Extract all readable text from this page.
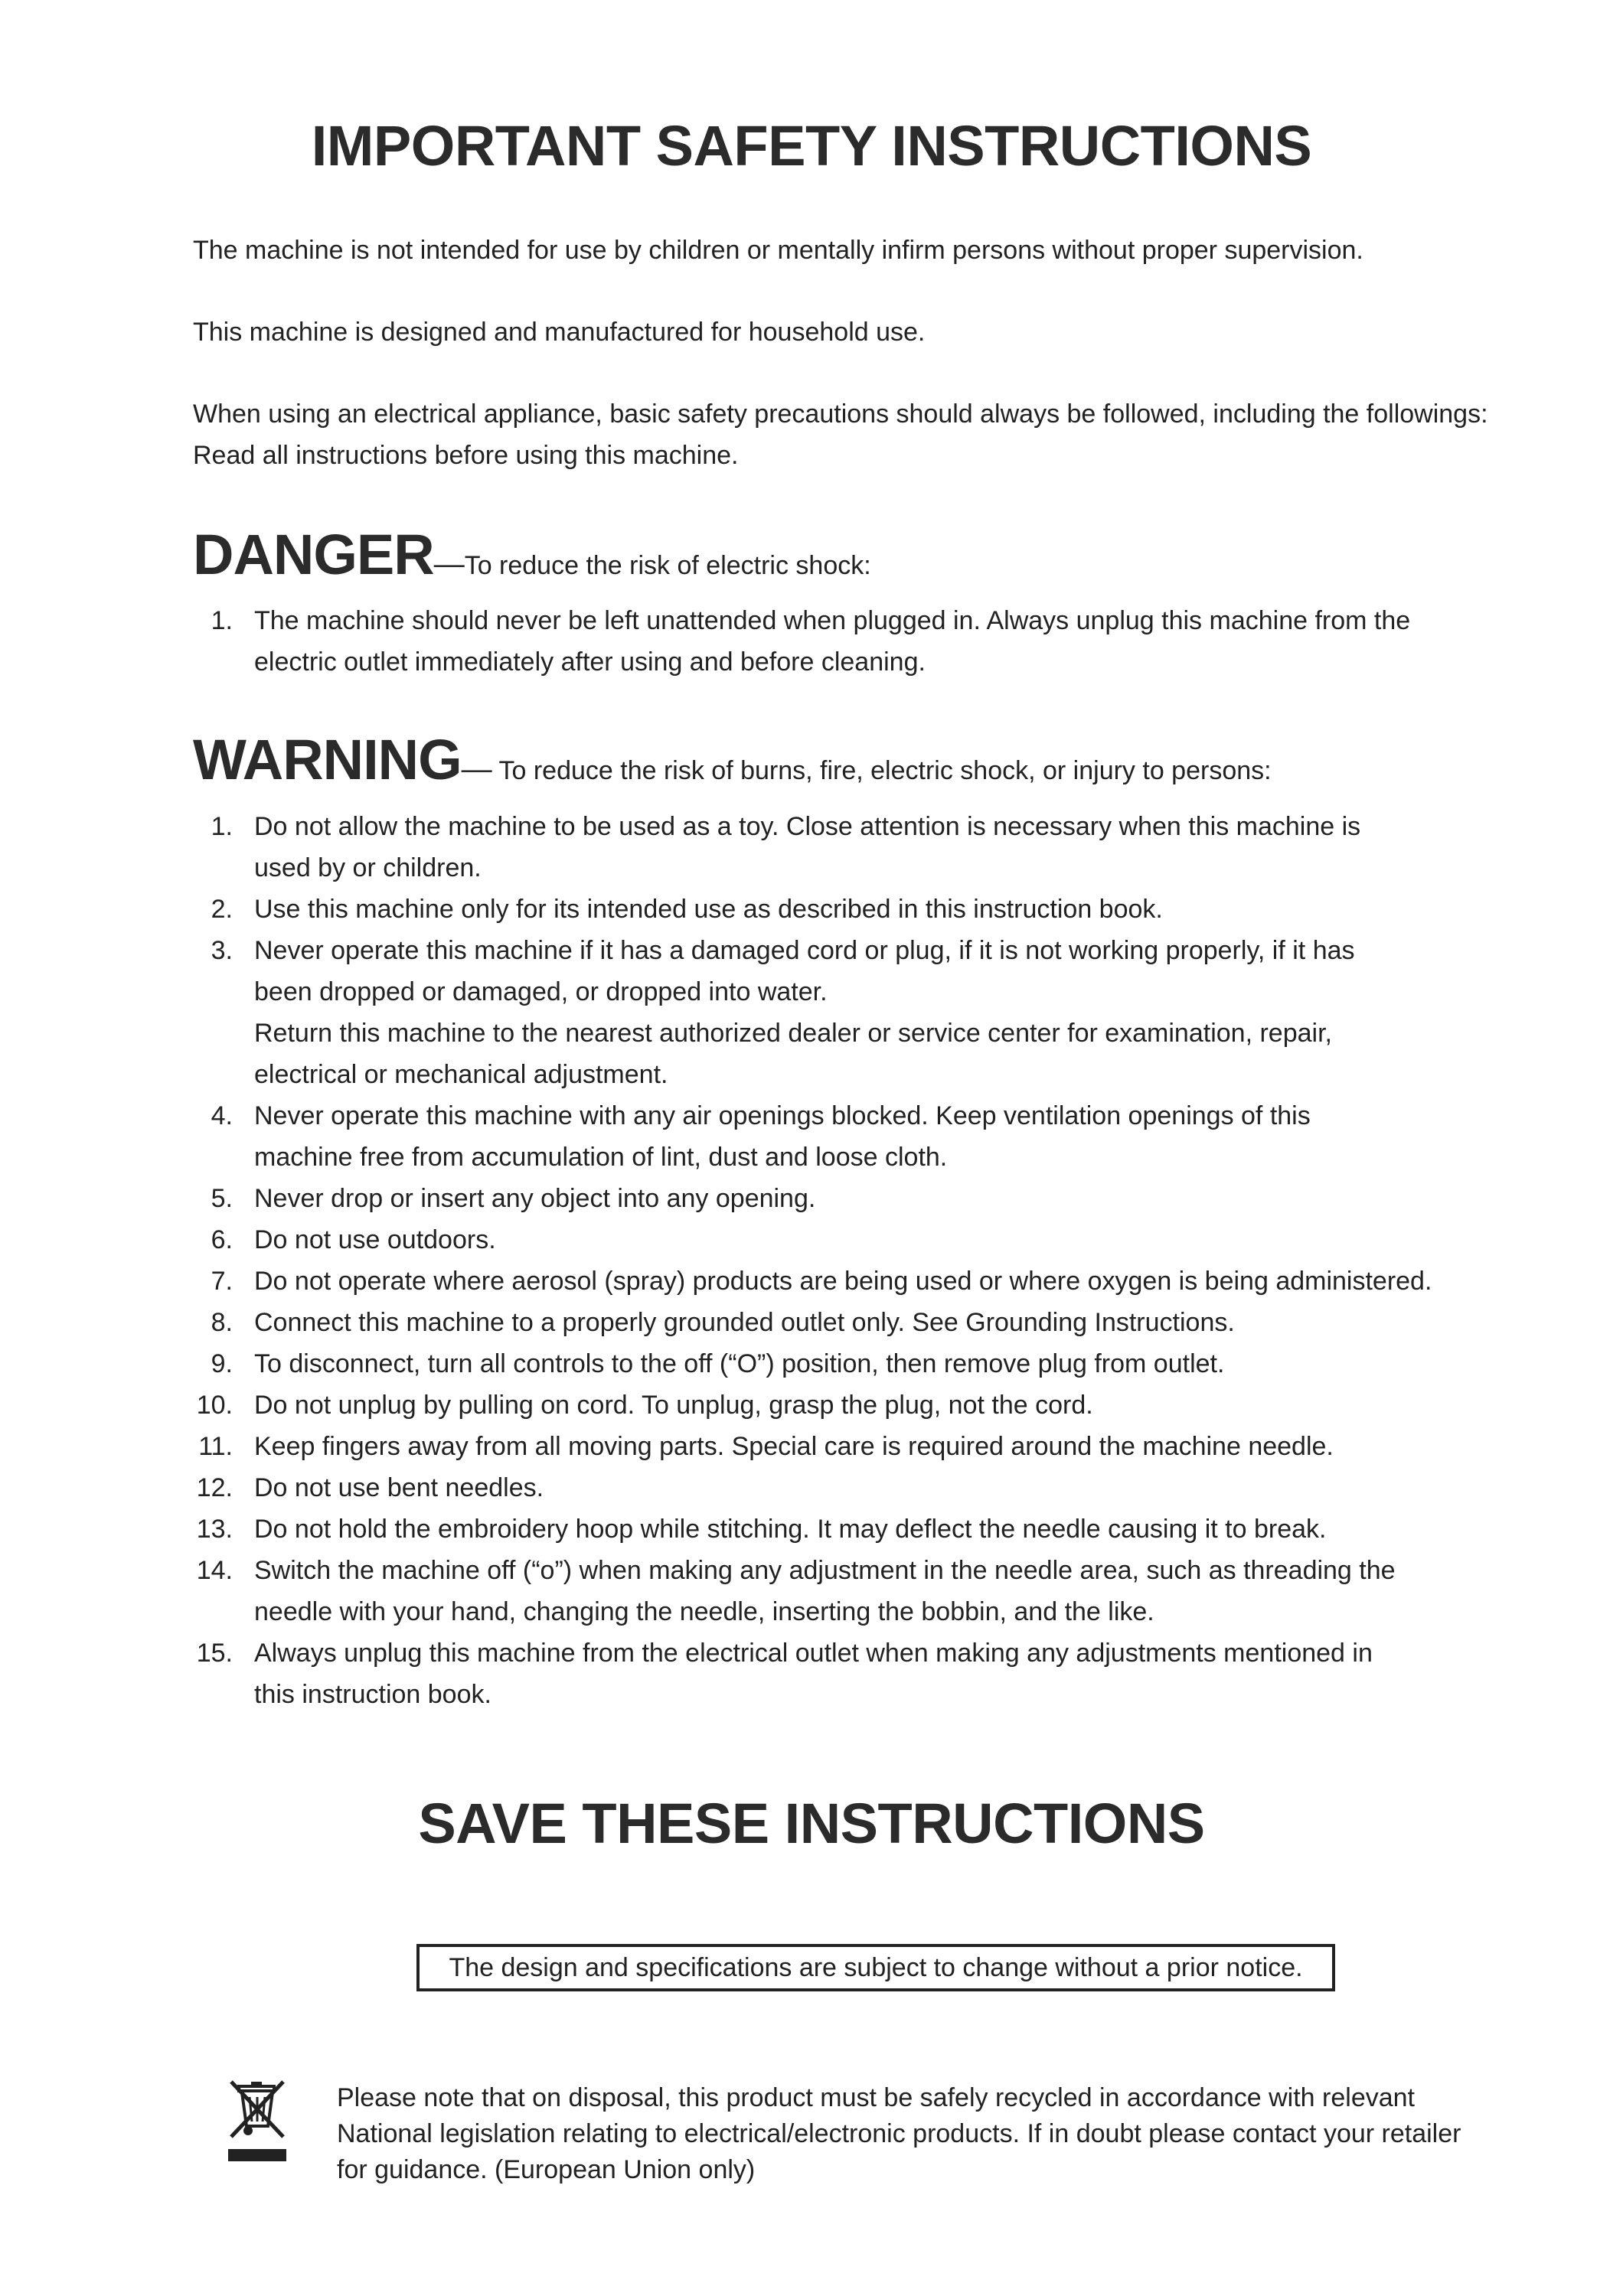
IMPORTANT SAFETY INSTRUCTIONS
The machine is not intended for use by children or mentally infirm persons without proper supervision.
This machine is designed and manufactured for household use.
When using an electrical appliance, basic safety precautions should always be followed, including the followings:
Read all instructions before using this machine.
DANGER—To reduce the risk of electric shock:
1. The machine should never be left unattended when plugged in. Always unplug this machine from the
electric outlet immediately after using and before cleaning.
WARNING— To reduce the risk of burns, fire, electric shock, or injury to persons:
1. Do not allow the machine to be used as a toy. Close attention is necessary when this machine is
used by or children.
2. Use this machine only for its intended use as described in this instruction book.
3. Never operate this machine if it has a damaged cord or plug, if it is not working properly, if it has
been dropped or damaged, or dropped into water.
Return this machine to the nearest authorized dealer or service center for examination, repair,
electrical or mechanical adjustment.
4. Never operate this machine with any air openings blocked. Keep ventilation openings of this
machine free from accumulation of lint, dust and loose cloth.
5. Never drop or insert any object into any opening.
6. Do not use outdoors.
7. Do not operate where aerosol (spray) products are being used or where oxygen is being administered.
8. Connect this machine to a properly grounded outlet only. See Grounding Instructions.
9. To disconnect, turn all controls to the off (“O”) position, then remove plug from outlet.
10. Do not unplug by pulling on cord. To unplug, grasp the plug, not the cord.
11. Keep fingers away from all moving parts. Special care is required around the machine needle.
12. Do not use bent needles.
13. Do not hold the embroidery hoop while stitching. It may deflect the needle causing it to break.
14. Switch the machine off (“o”) when making any adjustment in the needle area, such as threading the
needle with your hand, changing the needle, inserting the bobbin, and the like.
15. Always unplug this machine from the electrical outlet when making any adjustments mentioned in
this instruction book.
SAVE THESE INSTRUCTIONS
The design and specifications are subject to change without a prior notice.
Please note that on disposal, this product must be safely recycled in accordance with relevant
National legislation relating to electrical/electronic products. If in doubt please contact your retailer
for guidance. (European Union only)
